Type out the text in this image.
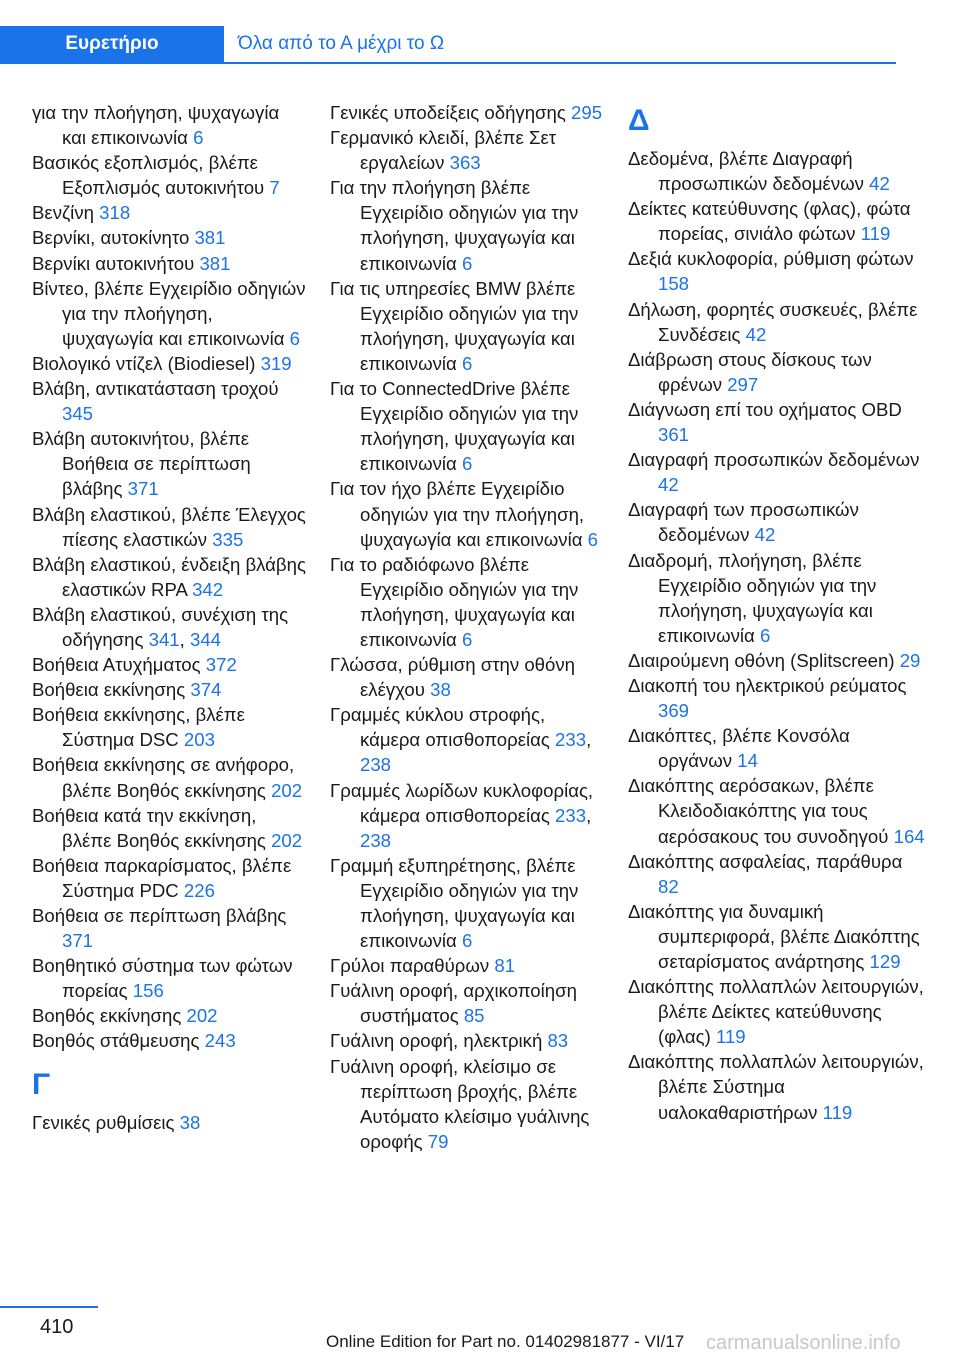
Ευρετήριο	Όλα από το Α μέχρι το Ω
για την πλοήγηση, ψυχαγωγία και επικοινωνία 6
Βασικός εξοπλισμός, βλέπε Εξοπλισμός αυτοκινήτου 7
Βενζίνη 318
Βερνίκι, αυτοκίνητο 381
Βερνίκι αυτοκινήτου 381
Βίντεο, βλέπε Εγχειρίδιο οδηγιών για την πλοήγηση, ψυχαγωγία και επικοινωνία 6
Βιολογικό ντίζελ (Biodiesel) 319
Βλάβη, αντικατάσταση τροχού 345
Βλάβη αυτοκινήτου, βλέπε Βοήθεια σε περίπτωση βλάβης 371
Βλάβη ελαστικού, βλέπε Έλεγχος πίεσης ελαστικών 335
Βλάβη ελαστικού, ένδειξη βλάβης ελαστικών RPA 342
Βλάβη ελαστικού, συνέχιση της οδήγησης 341, 344
Βοήθεια Ατυχήματος 372
Βοήθεια εκκίνησης 374
Βοήθεια εκκίνησης, βλέπε Σύστημα DSC 203
Βοήθεια εκκίνησης σε ανήφορο, βλέπε Βοηθός εκκίνησης 202
Βοήθεια κατά την εκκίνηση, βλέπε Βοηθός εκκίνησης 202
Βοήθεια παρκαρίσματος, βλέπε Σύστημα PDC 226
Βοήθεια σε περίπτωση βλάβης 371
Βοηθητικό σύστημα των φώτων πορείας 156
Βοηθός εκκίνησης 202
Βοηθός στάθμευσης 243
Γ
Γενικές ρυθμίσεις 38
Γενικές υποδείξεις οδήγησης 295
Γερμανικό κλειδί, βλέπε Σετ εργαλείων 363
Για την πλοήγηση βλέπε Εγχειρίδιο οδηγιών για την πλοήγηση, ψυχαγωγία και επικοινωνία 6
Για τις υπηρεσίες BMW βλέπε Εγχειρίδιο οδηγιών για την πλοήγηση, ψυχαγωγία και επικοινωνία 6
Για το ConnectedDrive βλέπε Εγχειρίδιο οδηγιών για την πλοήγηση, ψυχαγωγία και επικοινωνία 6
Για τον ήχο βλέπε Εγχειρίδιο οδηγιών για την πλοήγηση, ψυχαγωγία και επικοινωνία 6
Για το ραδιόφωνο βλέπε Εγχειρίδιο οδηγιών για την πλοήγηση, ψυχαγωγία και επικοινωνία 6
Γλώσσα, ρύθμιση στην οθόνη ελέγχου 38
Γραμμές κύκλου στροφής, κάμερα οπισθοπορείας 233, 238
Γραμμές λωρίδων κυκλοφορίας, κάμερα οπισθοπορείας 233, 238
Γραμμή εξυπηρέτησης, βλέπε Εγχειρίδιο οδηγιών για την πλοήγηση, ψυχαγωγία και επικοινωνία 6
Γρύλοι παραθύρων 81
Γυάλινη οροφή, αρχικοποίηση συστήματος 85
Γυάλινη οροφή, ηλεκτρική 83
Γυάλινη οροφή, κλείσιμο σε περίπτωση βροχής, βλέπε Αυτόματο κλείσιμο γυάλινης οροφής 79
Δ
Δεδομένα, βλέπε Διαγραφή προσωπικών δεδομένων 42
Δείκτες κατεύθυνσης (φλας), φώτα πορείας, σινιάλο φώτων 119
Δεξιά κυκλοφορία, ρύθμιση φώτων 158
Δήλωση, φορητές συσκευές, βλέπε Συνδέσεις 42
Διάβρωση στους δίσκους των φρένων 297
Διάγνωση επί του οχήματος OBD 361
Διαγραφή προσωπικών δεδομένων 42
Διαγραφή των προσωπικών δεδομένων 42
Διαδρομή, πλοήγηση, βλέπε Εγχειρίδιο οδηγιών για την πλοήγηση, ψυχαγωγία και επικοινωνία 6
Διαιρούμενη οθόνη (Splitscreen) 29
Διακοπή του ηλεκτρικού ρεύματος 369
Διακόπτες, βλέπε Κονσόλα οργάνων 14
Διακόπτης αερόσακων, βλέπε Κλειδοδιακόπτης για τους αερόσακους του συνοδηγού 164
Διακόπτης ασφαλείας, παράθυρα 82
Διακόπτης για δυναμική συμπεριφορά, βλέπε Διακόπτης σεταρίσματος ανάρτησης 129
Διακόπτης πολλαπλών λειτουργιών, βλέπε Δείκτες κατεύθυνσης (φλας) 119
Διακόπτης πολλαπλών λειτουργιών, βλέπε Σύστημα υαλοκαθαριστήρων 119
410
Online Edition for Part no. 01402981877 - VI/17 carmanualsonline.info
